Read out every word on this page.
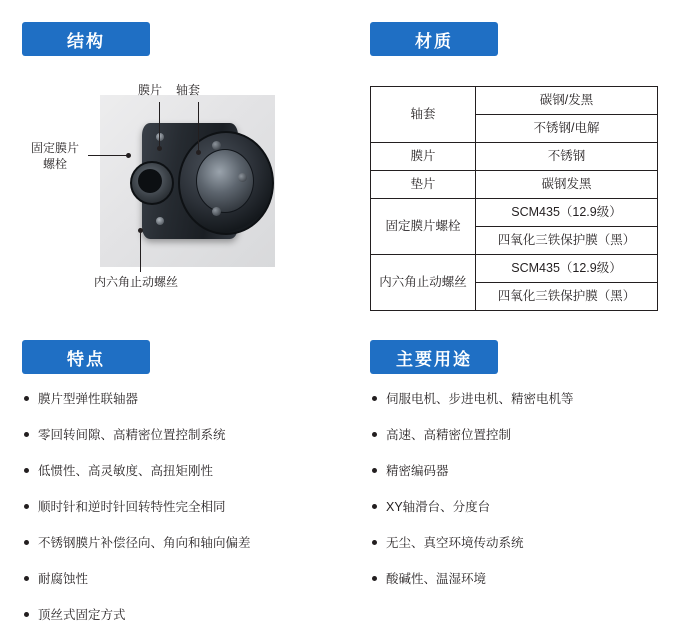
结构	材质
特点	主要用途
膜片 轴套
固定膜片螺栓
内六角止动螺丝
轴套	碳钢/发黑
	不锈钢/电解
膜片	不锈钢
垫片	碳钢发黑
固定膜片螺栓	SCM435（12.9级）
	四氧化三铁保护膜（黑）
内六角止动螺丝	SCM435（12.9级）
	四氧化三铁保护膜（黑）
膜片型弹性联轴器
零回转间隙、高精密位置控制系统
低惯性、高灵敏度、高扭矩刚性
顺时针和逆时针回转特性完全相同
不锈钢膜片补偿径向、角向和轴向偏差
耐腐蚀性
顶丝式固定方式
伺服电机、步进电机、精密电机等
高速、高精密位置控制
精密编码器
XY轴滑台、分度台
无尘、真空环境传动系统
酸碱性、温湿环境
